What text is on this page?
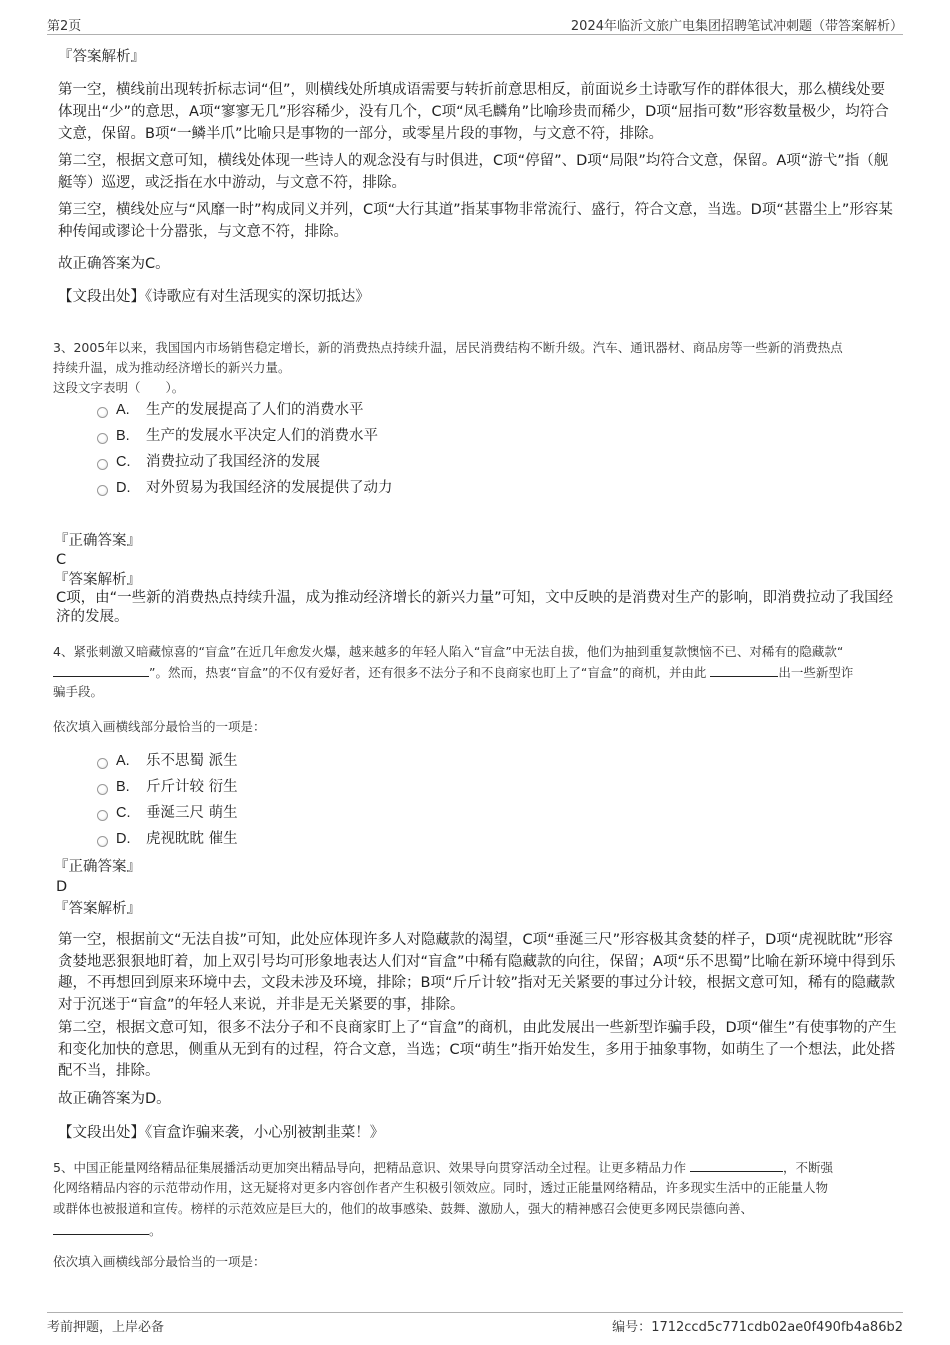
第2页	2024年临沂文旅广电集团招聘笔试冲刺题（带答案解析）
『答案解析』
第一空，横线前出现转折标志词“但”，则横线处所填成语需要与转折前意思相反，前面说乡土诗歌写作的群体很大，那么横线处要体现出“少”的意思，A项“寥寥无几”形容稀少，没有几个，C项“凤毛麟角”比喻珍贵而稀少，D项“屈指可数”形容数量极少，均符合文意，保留。B项“一鳞半爪”比喻只是事物的一部分，或零星片段的事物，与文意不符，排除。
第二空，根据文意可知，横线处体现一些诗人的观念没有与时俱进，C项“停留”、D项“局限”均符合文意，保留。A项“游弋”指（舰艇等）巡逻，或泛指在水中游动，与文意不符，排除。
第三空，横线处应与“风靡一时”构成同义并列，C项“大行其道”指某事物非常流行、盛行，符合文意，当选。D项“甚嚣尘上”形容某种传闻或谬论十分嚣张，与文意不符，排除。
故正确答案为C。
【文段出处】《诗歌应有对生活现实的深切抵达》
3、2005年以来，我国国内市场销售稳定增长，新的消费热点持续升温，居民消费结构不断升级。汽车、通讯器材、商品房等一些新的消费热点
持续升温，成为推动经济增长的新兴力量。
这段文字表明（　　）。
A. 生产的发展提高了人们的消费水平
B. 生产的发展水平决定人们的消费水平
C. 消费拉动了我国经济的发展
D. 对外贸易为我国经济的发展提供了动力
『正确答案』
C
『答案解析』
C项，由“一些新的消费热点持续升温，成为推动经济增长的新兴力量”可知，文中反映的是消费对生产的影响，即消费拉动了我国经济的发展。
4、紧张刺激又暗藏惊喜的“盲盒”在近几年愈发火爆，越来越多的年轻人陷入“盲盒”中无法自拔，他们为抽到重复款懊恼不已、对稀有的隐藏款“
”。然而，热衷“盲盒”的不仅有爱好者，还有很多不法分子和不良商家也盯上了“盲盒”的商机，并由此	出一些新型诈
骗手段。
依次填入画横线部分最恰当的一项是：
A. 乐不思蜀 派生
B. 斤斤计较 衍生
C. 垂涎三尺 萌生
D. 虎视眈眈 催生
『正确答案』
D
『答案解析』
第一空，根据前文“无法自拔”可知，此处应体现许多人对隐藏款的渴望，C项“垂涎三尺”形容极其贪婪的样子，D项“虎视眈眈”形容贪婪地恶狠狠地盯着，加上双引号均可形象地表达人们对“盲盒”中稀有隐藏款的向往，保留；A项“乐不思蜀”比喻在新环境中得到乐趣，不再想回到原来环境中去，文段未涉及环境，排除；B项“斤斤计较”指对无关紧要的事过分计较，根据文意可知，稀有的隐藏款对于沉迷于“盲盒”的年轻人来说，并非是无关紧要的事，排除。
第二空，根据文意可知，很多不法分子和不良商家盯上了“盲盒”的商机，由此发展出一些新型诈骗手段，D项“催生”有使事物的产生和变化加快的意思，侧重从无到有的过程，符合文意，当选；C项“萌生”指开始发生，多用于抽象事物，如萌生了一个想法，此处搭配不当，排除。
故正确答案为D。
【文段出处】《盲盒诈骗来袭，小心别被割韭菜！》
5、中国正能量网络精品征集展播活动更加突出精品导向，把精品意识、效果导向贯穿活动全过程。让更多精品力作	，不断强
化网络精品内容的示范带动作用，这无疑将对更多内容创作者产生积极引领效应。同时，透过正能量网络精品，许多现实生活中的正能量人物
或群体也被报道和宣传。榜样的示范效应是巨大的，他们的故事感染、鼓舞、激励人，强大的精神感召会使更多网民崇德向善、
。
依次填入画横线部分最恰当的一项是：
考前押题，上岸必备	编号：1712ccd5c771cdb02ae0f490fb4a86b2
